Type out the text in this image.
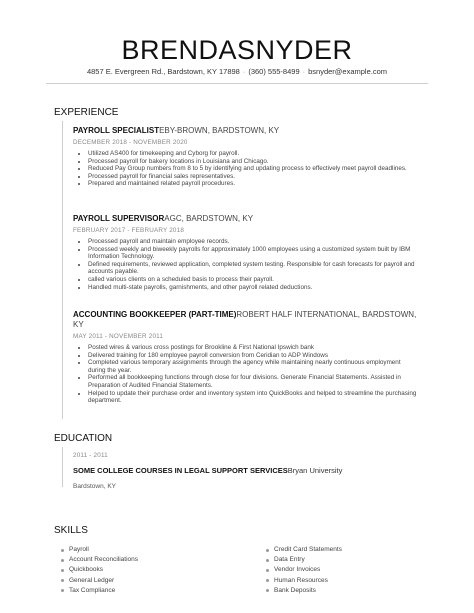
BRENDASNYDER
4857 E. Evergreen Rd., Bardstown, KY 17898 · (360) 555-8499 · bsnyder@example.com
EXPERIENCE
PAYROLL SPECIALISTEBY-BROWN, BARDSTOWN, KY
DECEMBER 2018 - NOVEMBER 2020
• Utilized AS400 for timekeeping and Cyborg for payroll.
• Processed payroll for bakery locations in Louisiana and Chicago.
• Reduced Pay Group numbers from 8 to 5 by identifying and updating process to effectively meet payroll deadlines.
• Processed payroll for financial sales representatives.
• Prepared and maintained related payroll procedures.
PAYROLL SUPERVISORAGC, BARDSTOWN, KY
FEBRUARY 2017 - FEBRUARY 2018
• Processed payroll and maintain employee records.
• Processed weekly and biweekly payrolls for approximately 1000 employees using a customized system built by IBM Information Technology.
• Defined requirements, reviewed application, completed system testing. Responsible for cash forecasts for payroll and accounts payable.
• called various clients on a scheduled basis to process their payroll.
• Handled multi-state payrolls, garnishments, and other payroll related deductions.
ACCOUNTING BOOKKEEPER (PART-TIME)ROBERT HALF INTERNATIONAL, BARDSTOWN, KY
MAY 2011 - NOVEMBER 2011
• Posted wires & various cross postings for Brookline & First National Ipswich bank
• Delivered training for 180 employee payroll conversion from Ceridian to ADP Windows
• Completed various temporary assignments through the agency while maintaining nearly continuous employment during the year.
• Performed all bookkeeping functions through close for four divisions. Generate Financial Statements. Assisted in Preparation of Audited Financial Statements.
• Helped to update their purchase order and inventory system into QuickBooks and helped to streamline the purchasing department.
EDUCATION
2011 - 2011
SOME COLLEGE COURSES IN LEGAL SUPPORT SERVICESBryan University
Bardstown, KY
SKILLS
Payroll
Account Reconciliations
Quickbooks
General Ledger
Tax Compliance
Credit Card Statements
Data Entry
Vendor Invoices
Human Resources
Bank Deposits
